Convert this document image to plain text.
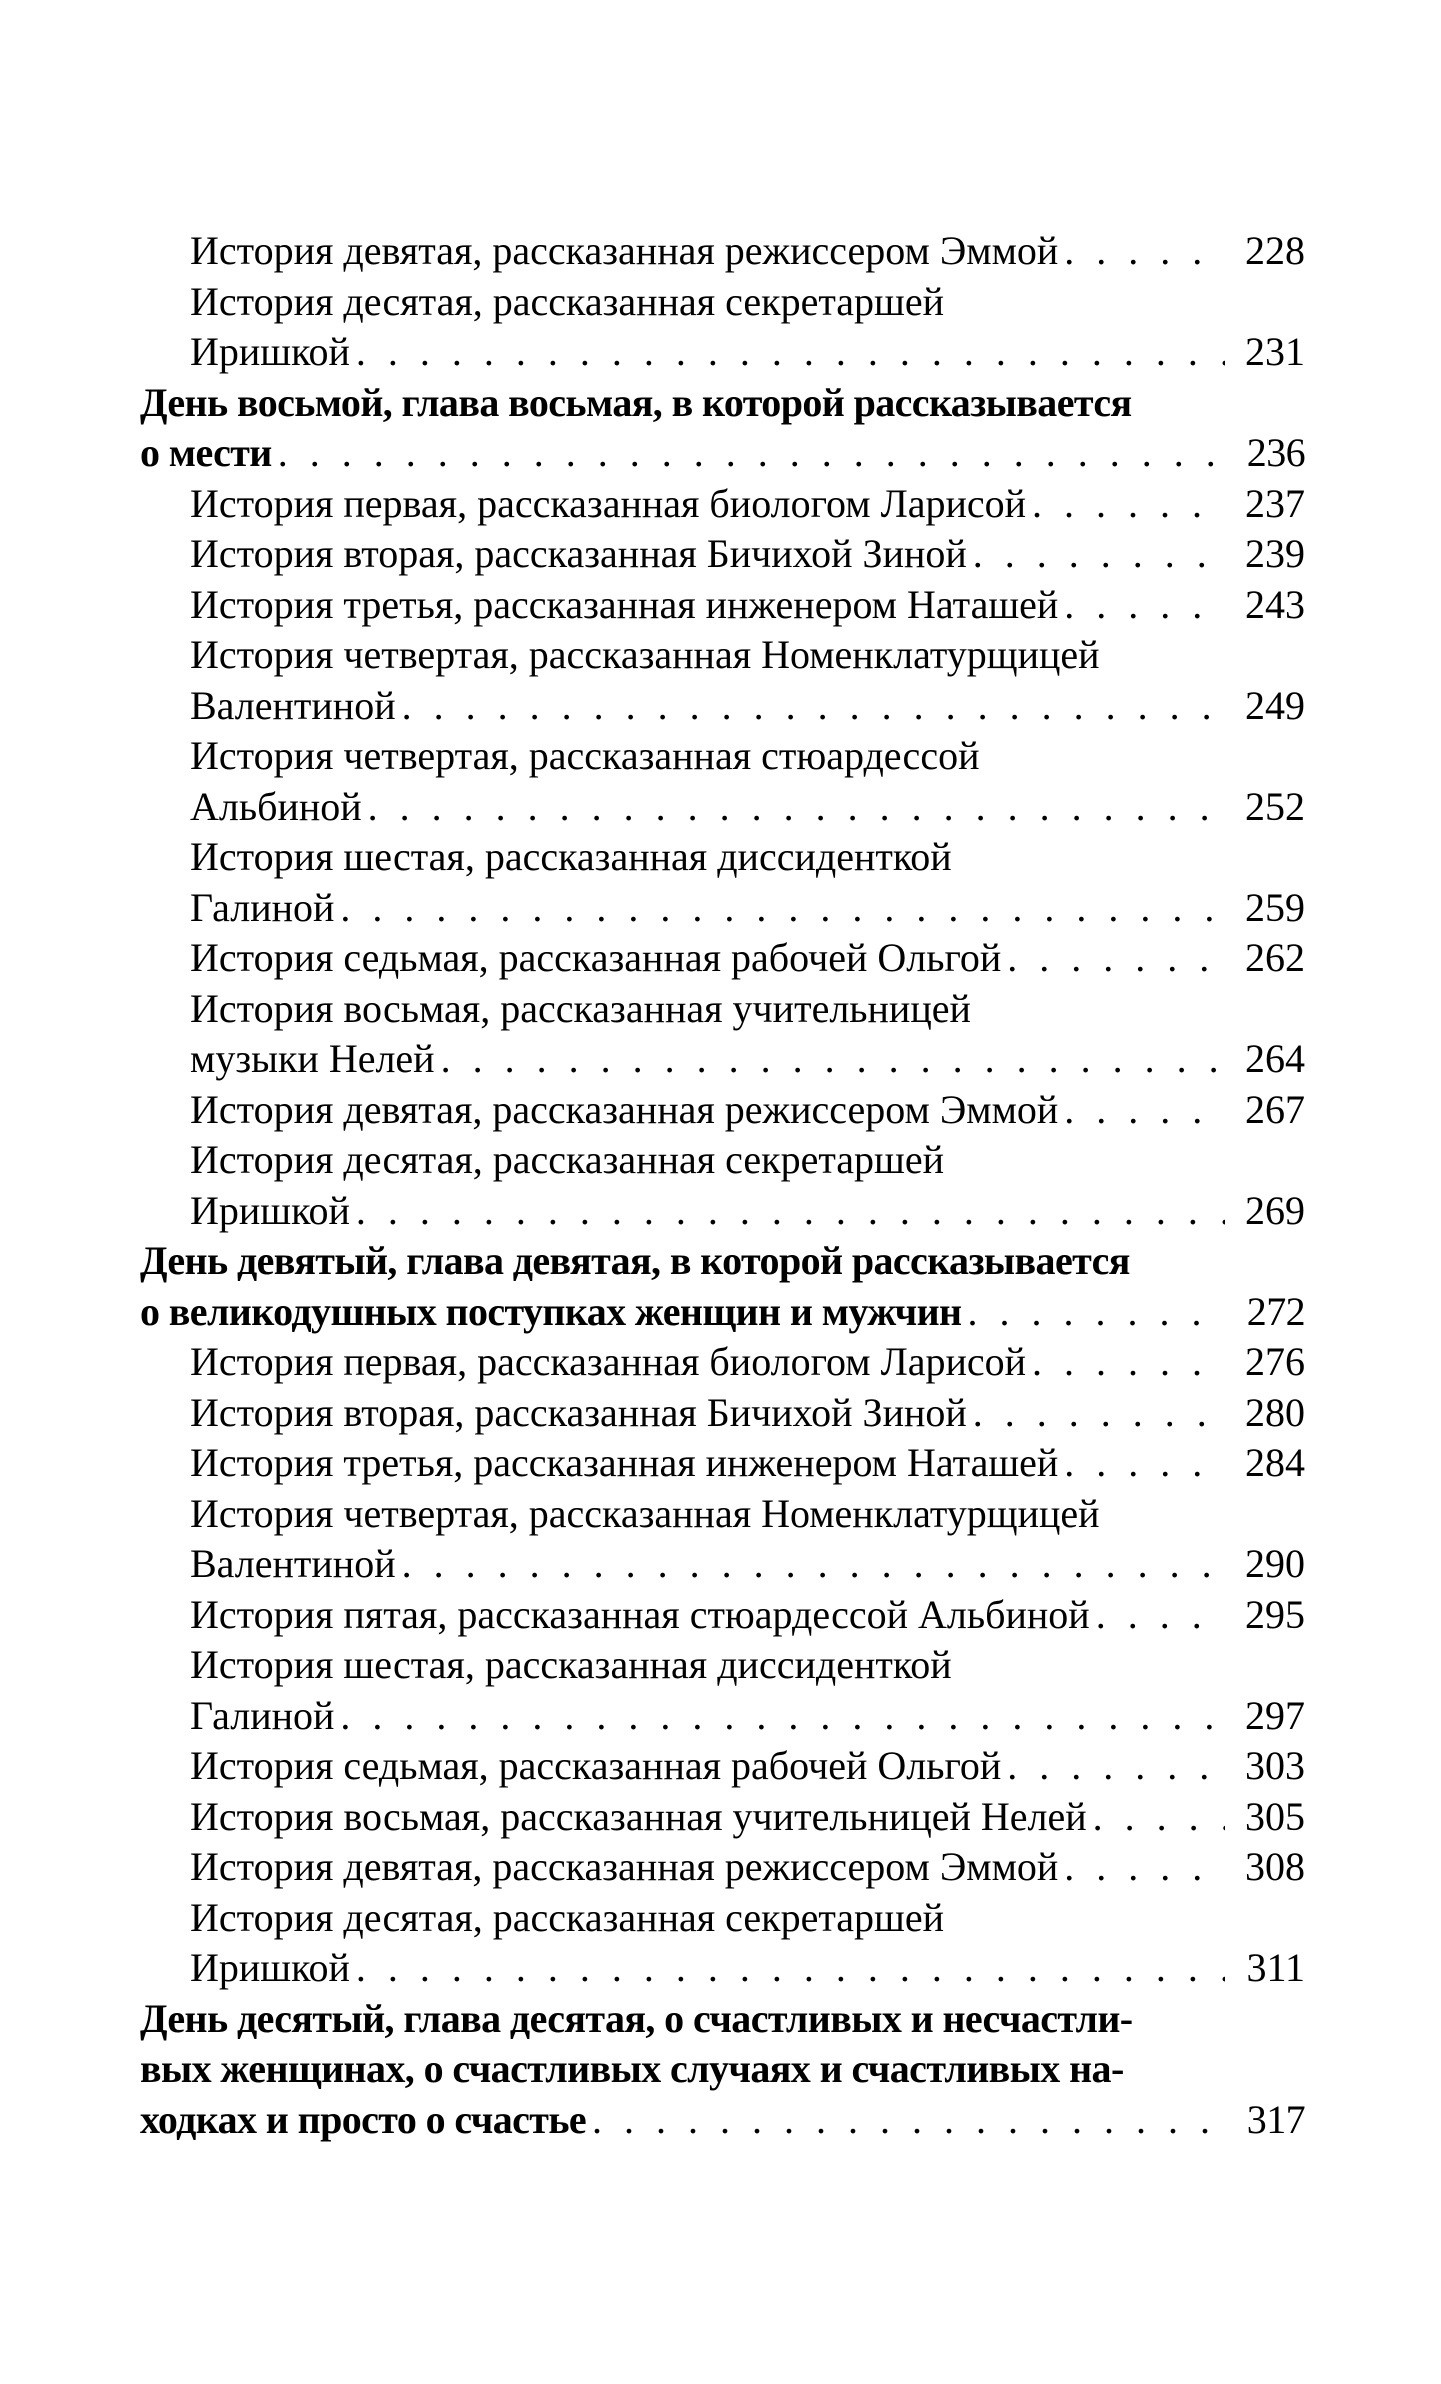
История девятая, рассказанная режиссером Эммой . . .	228
История десятая, рассказанная секретаршей
Иришкой . . .	231
День восьмой, глава восьмая, в которой рассказывается
о мести . . .	236
История первая, рассказанная биологом Ларисой . . .	237
История вторая, рассказанная Бичихой Зиной . . .	239
История третья, рассказанная инженером Наташей . . .	243
История четвертая, рассказанная Номенклатурщицей
Валентиной . . .	249
История четвертая, рассказанная стюардессой
Альбиной . . .	252
История шестая, рассказанная диссиденткой
Галиной . . .	259
История седьмая, рассказанная рабочей Ольгой . . .	262
История восьмая, рассказанная учительницей
музыки Нелей . . .	264
История девятая, рассказанная режиссером Эммой . . .	267
История десятая, рассказанная секретаршей
Иришкой . . .	269
День девятый, глава девятая, в которой рассказывается
о великодушных поступках женщин и мужчин . . .	272
История первая, рассказанная биологом Ларисой . . .	276
История вторая, рассказанная Бичихой Зиной . . .	280
История третья, рассказанная инженером Наташей . . .	284
История четвертая, рассказанная Номенклатурщицей
Валентиной . . .	290
История пятая, рассказанная стюардессой Альбиной . . .	295
История шестая, рассказанная диссиденткой
Галиной . . .	297
История седьмая, рассказанная рабочей Ольгой . . .	303
История восьмая, рассказанная учительницей Нелей . . .	305
История девятая, рассказанная режиссером Эммой . . .	308
История десятая, рассказанная секретаршей
Иришкой . . .	311
День десятый, глава десятая, о счастливых и несчастли-
вых женщинах, о счастливых случаях и счастливых на-
ходках и просто о счастье . . .	317
